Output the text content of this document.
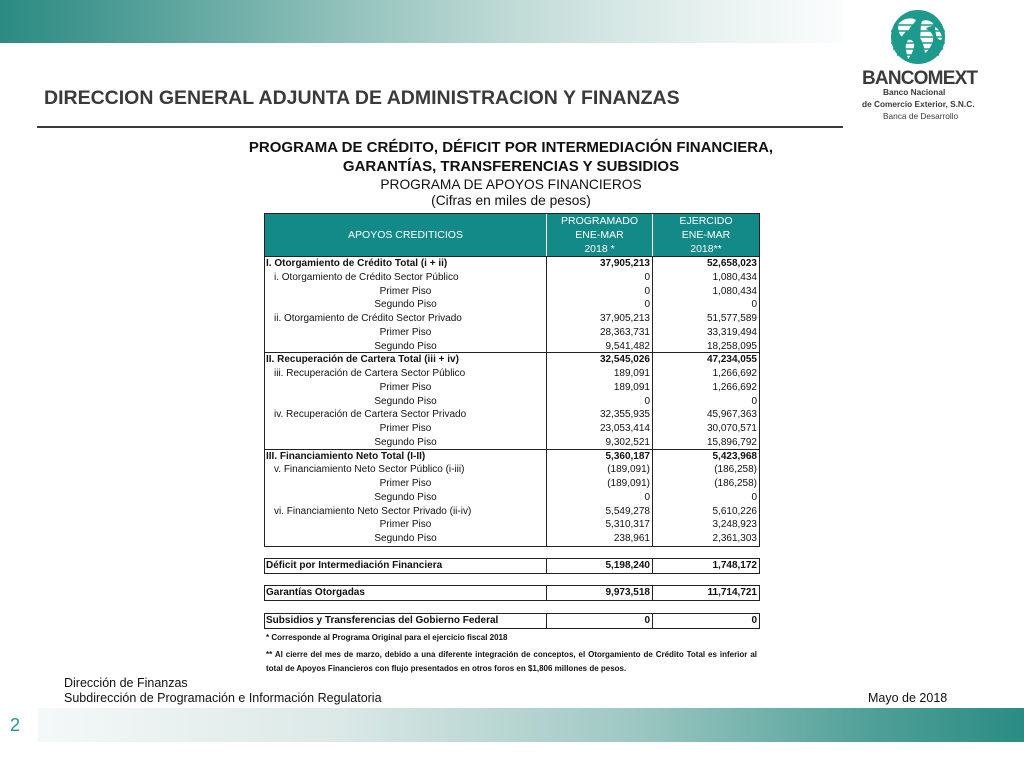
BANCOMEXT
Banco Nacional
de Comercio Exterior, S.N.C.
Banca de Desarrollo
DIRECCION GENERAL ADJUNTA DE ADMINISTRACION Y FINANZAS
PROGRAMA DE CRÉDITO, DÉFICIT POR INTERMEDIACIÓN FINANCIERA,
GARANTÍAS, TRANSFERENCIAS Y SUBSIDIOS
PROGRAMA DE APOYOS FINANCIEROS
(Cifras en miles de pesos)
APOYOS CREDITICIOS
PROGRAMADO
ENE-MAR
2018 *
EJERCIDO
ENE-MAR
2018**
I. Otorgamiento de Crédito Total (i + ii)	37,905,213	52,658,023
i. Otorgamiento de Crédito Sector Público	0	1,080,434
Primer Piso	0	1,080,434
Segundo Piso	0	0
ii. Otorgamiento de Crédito Sector Privado	37,905,213	51,577,589
Primer Piso	28,363,731	33,319,494
Segundo Piso	9,541,482	18,258,095
II. Recuperación de Cartera Total (iii + iv)	32,545,026	47,234,055
iii. Recuperación de Cartera Sector Público	189,091	1,266,692
Primer Piso	189,091	1,266,692
Segundo Piso	0	0
iv. Recuperación de Cartera Sector Privado	32,355,935	45,967,363
Primer Piso	23,053,414	30,070,571
Segundo Piso	9,302,521	15,896,792
III. Financiamiento Neto Total (I-II)	5,360,187	5,423,968
v. Financiamiento Neto Sector Público (i-iii)	(189,091)	(186,258)
Primer Piso	(189,091)	(186,258)
Segundo Piso	0	0
vi. Financiamiento Neto Sector Privado (ii-iv)	5,549,278	5,610,226
Primer Piso	5,310,317	3,248,923
Segundo Piso	238,961	2,361,303
Déficit por Intermediación Financiera	5,198,240	1,748,172
Garantías Otorgadas	9,973,518	11,714,721
Subsidios y Transferencias del Gobierno Federal	0	0
* Corresponde al Programa Original para el ejercicio fiscal 2018
** Al cierre del mes de marzo, debido a una diferente integración de conceptos, el Otorgamiento de Crédito Total es inferior al total de Apoyos Financieros con flujo presentados en otros foros en $1,806 millones de pesos.
Dirección de Finanzas
Subdirección de Programación e Información Regulatoria	Mayo de 2018
2
